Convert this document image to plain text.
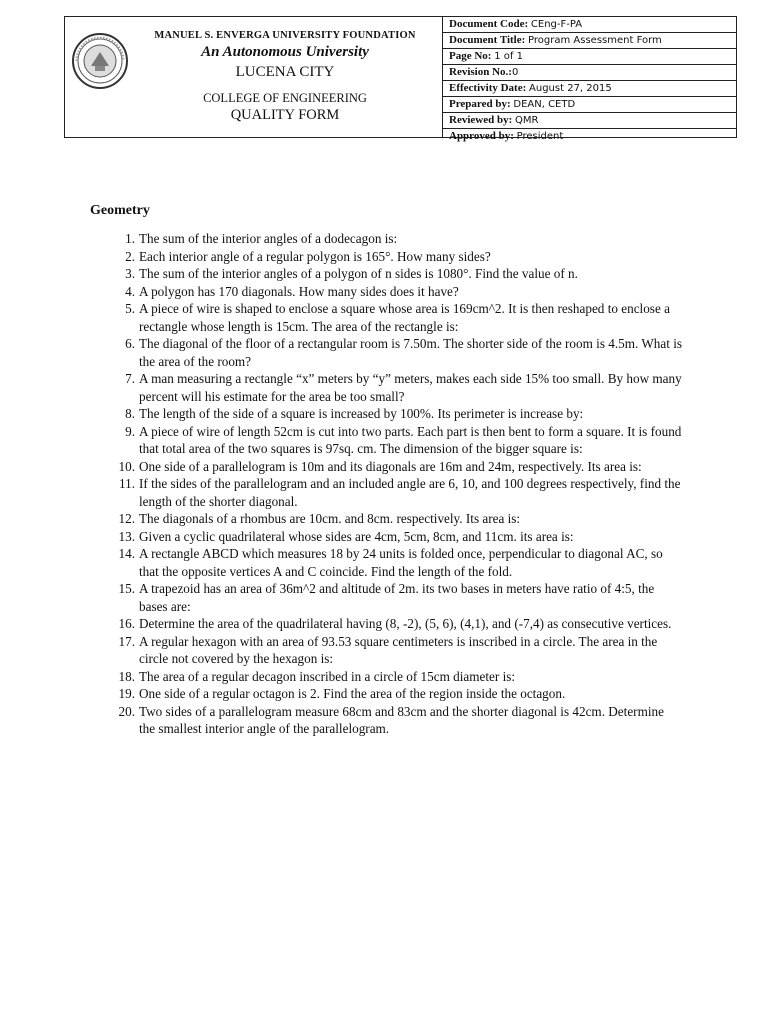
MANUEL S. ENVERGA UNIVERSITY FOUNDATION
An Autonomous University
LUCENA CITY
COLLEGE OF ENGINEERING
QUALITY FORM
Document Code: CEng-F-PA
Document Title: Program Assessment Form
Page No: 1 of 1
Revision No.:0
Effectivity Date: August 27, 2015
Prepared by: DEAN, CETD
Reviewed by: QMR
Approved by: President
Geometry
1. The sum of the interior angles of a dodecagon is:
2. Each interior angle of a regular polygon is 165°. How many sides?
3. The sum of the interior angles of a polygon of n sides is 1080°. Find the value of n.
4. A polygon has 170 diagonals. How many sides does it have?
5. A piece of wire is shaped to enclose a square whose area is 169cm^2. It is then reshaped to enclose a rectangle whose length is 15cm. The area of the rectangle is:
6. The diagonal of the floor of a rectangular room is 7.50m. The shorter side of the room is 4.5m. What is the area of the room?
7. A man measuring a rectangle “x” meters by “y” meters, makes each side 15% too small. By how many percent will his estimate for the area be too small?
8. The length of the side of a square is increased by 100%. Its perimeter is increase by:
9. A piece of wire of length 52cm is cut into two parts. Each part is then bent to form a square. It is found that total area of the two squares is 97sq. cm. The dimension of the bigger square is:
10. One side of a parallelogram is 10m and its diagonals are 16m and 24m, respectively. Its area is:
11. If the sides of the parallelogram and an included angle are 6, 10, and 100 degrees respectively, find the length of the shorter diagonal.
12. The diagonals of a rhombus are 10cm. and 8cm. respectively. Its area is:
13. Given a cyclic quadrilateral whose sides are 4cm, 5cm, 8cm, and 11cm. its area is:
14. A rectangle ABCD which measures 18 by 24 units is folded once, perpendicular to diagonal AC, so that the opposite vertices A and C coincide. Find the length of the fold.
15. A trapezoid has an area of 36m^2 and altitude of 2m. its two bases in meters have ratio of 4:5, the bases are:
16. Determine the area of the quadrilateral having (8, -2), (5, 6), (4,1), and (-7,4) as consecutive vertices.
17. A regular hexagon with an area of 93.53 square centimeters is inscribed in a circle. The area in the circle not covered by the hexagon is:
18. The area of a regular decagon inscribed in a circle of 15cm diameter is:
19. One side of a regular octagon is 2. Find the area of the region inside the octagon.
20. Two sides of a parallelogram measure 68cm and 83cm and the shorter diagonal is 42cm. Determine the smallest interior angle of the parallelogram.
